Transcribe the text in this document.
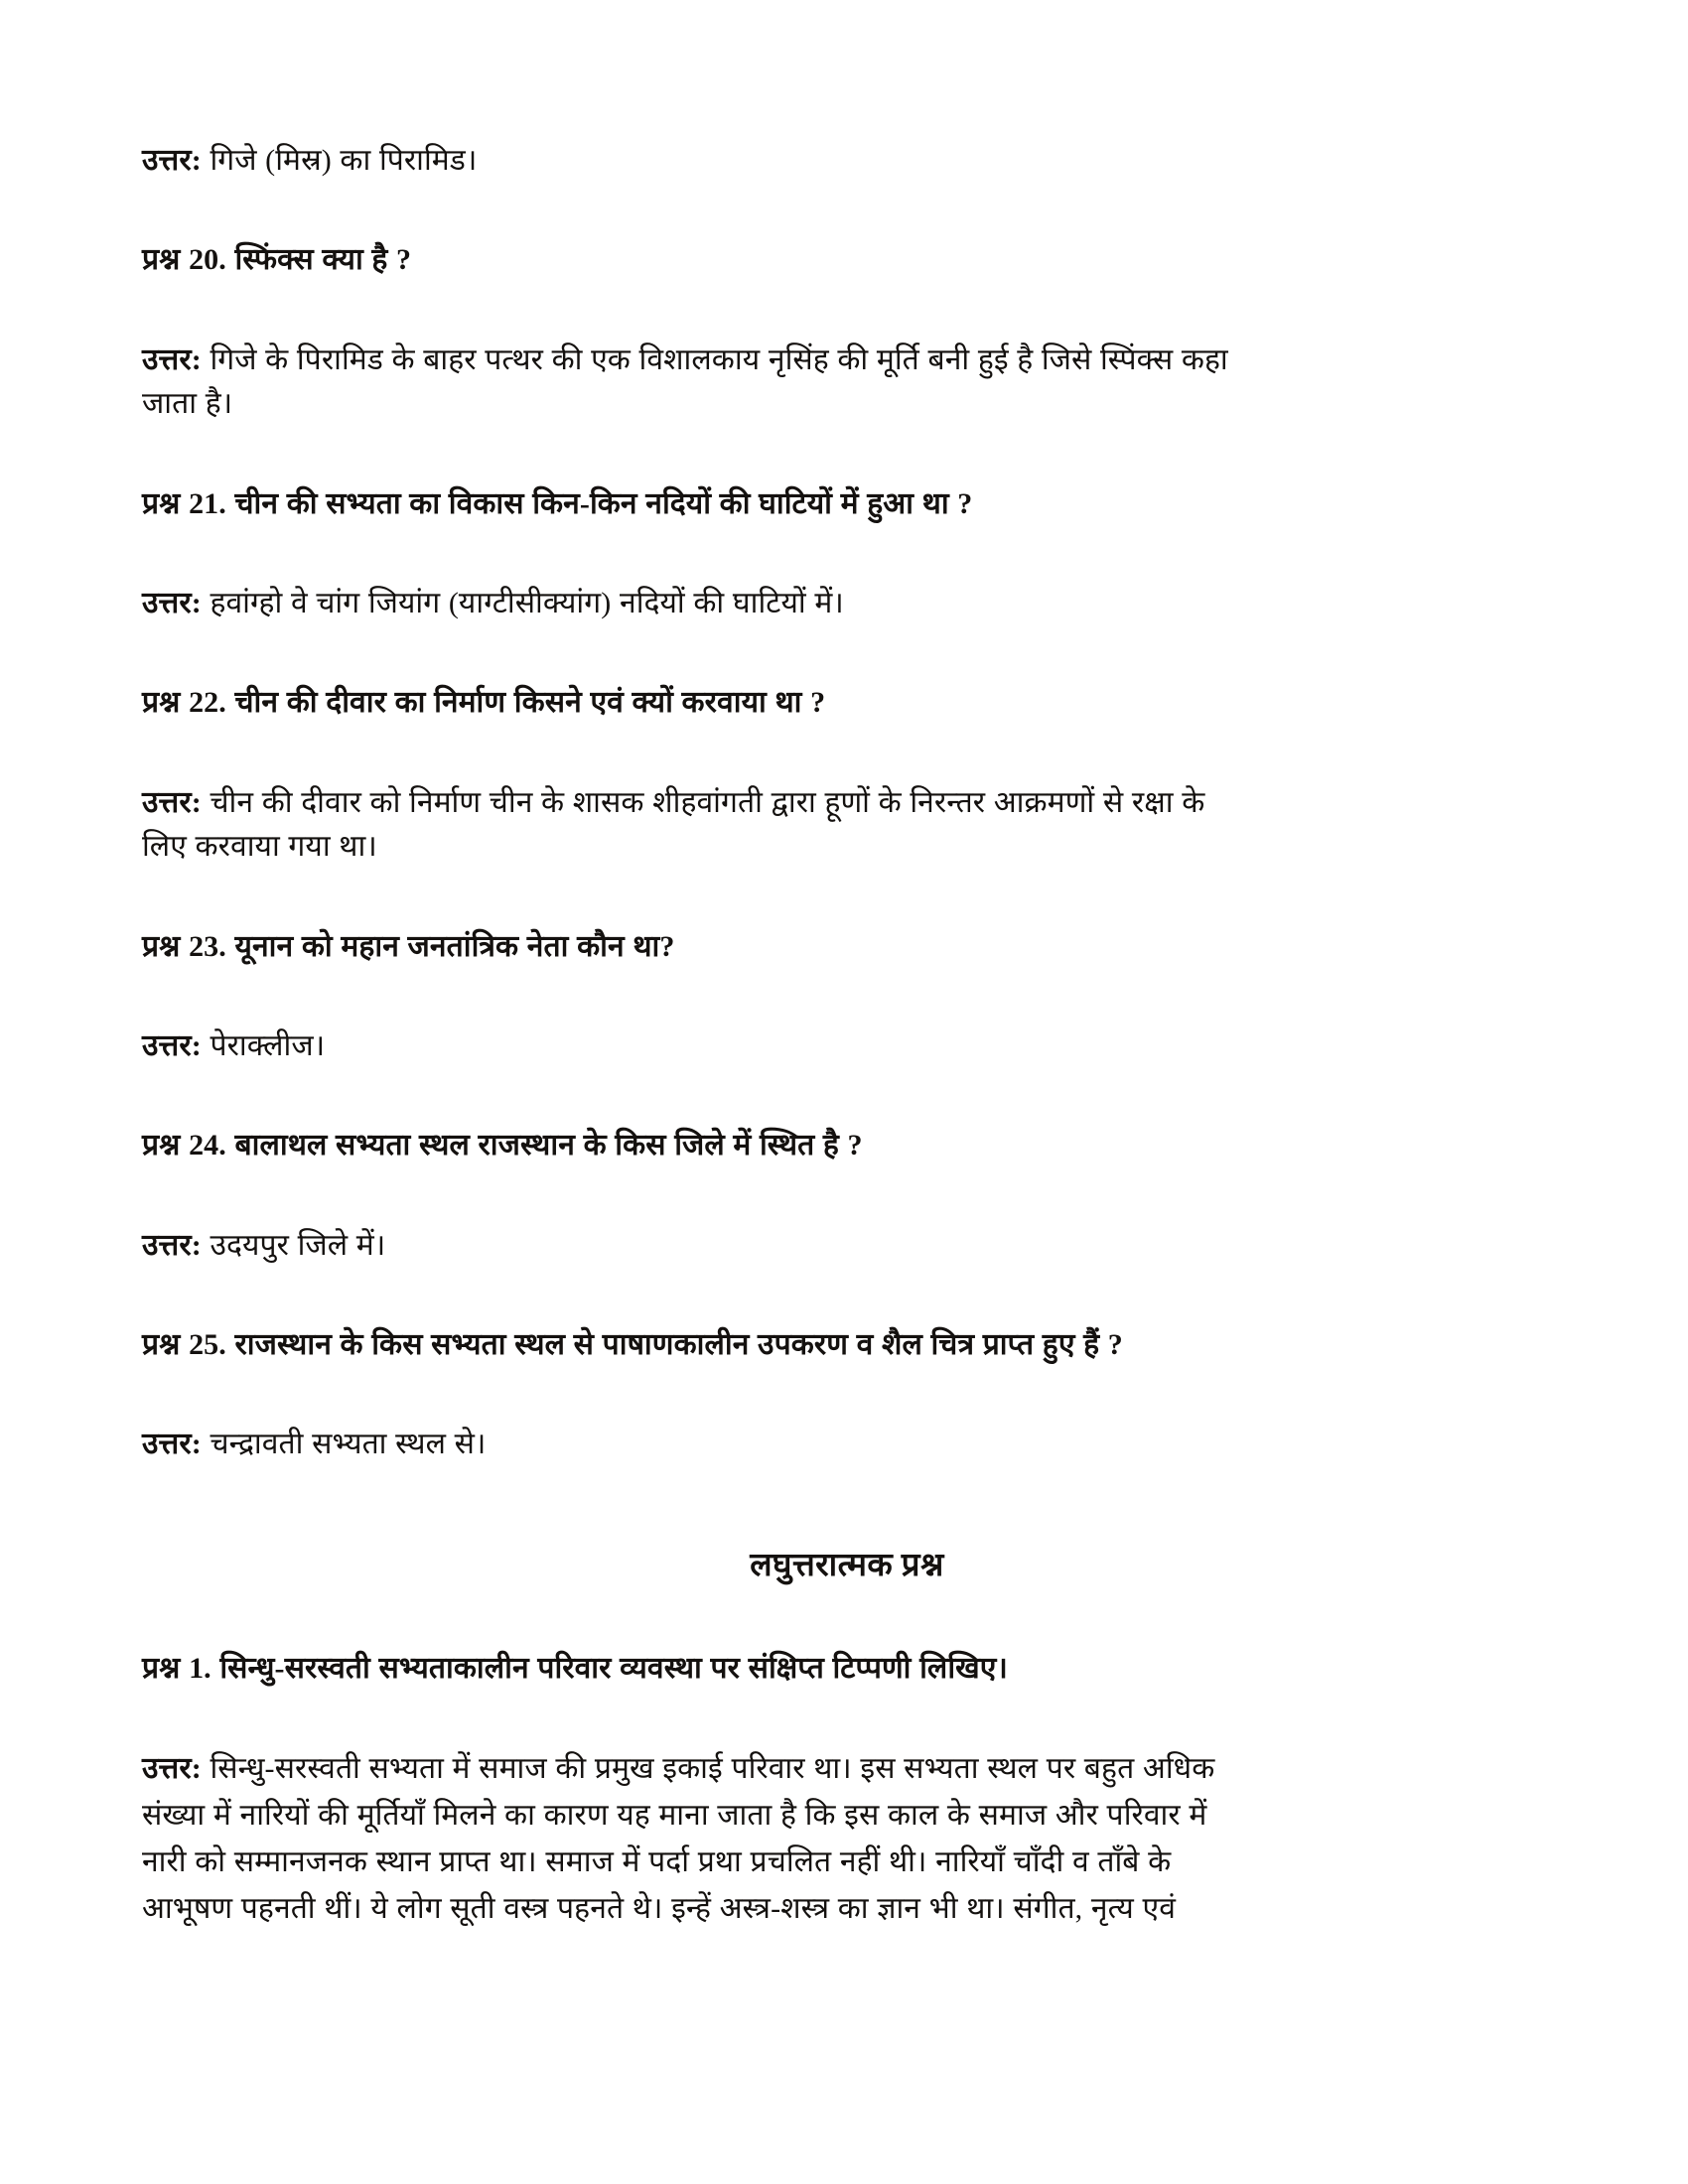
उत्तर: गिजे (मिस्र) का पिरामिड।

प्रश्न 20. स्फिंक्स क्या है ?

उत्तर: गिजे के पिरामिड के बाहर पत्थर की एक विशालकाय नृसिंह की मूर्ति बनी हुई है जिसे स्पिंक्स कहा

जाता है।

प्रश्न 21. चीन की सभ्यता का विकास किन-किन नदियों की घाटियों में हुआ था ?

उत्तर: हवांग्हो वे चांग जियांग (याग्टीसीक्यांग) नदियों की घाटियों में।

प्रश्न 22. चीन की दीवार का निर्माण किसने एवं क्यों करवाया था ?

उत्तर: चीन की दीवार को निर्माण चीन के शासक शीहवांगती द्वारा हूणों के निरन्तर आक्रमणों से रक्षा के

लिए करवाया गया था।

प्रश्न 23. यूनान को महान जनतांत्रिक नेता कौन था?

उत्तर: पेराक्लीज।

प्रश्न 24. बालाथल सभ्यता स्थल राजस्थान के किस जिले में स्थित है ?

उत्तर: उदयपुर जिले में।

प्रश्न 25. राजस्थान के किस सभ्यता स्थल से पाषाणकालीन उपकरण व शैल चित्र प्राप्त हुए हैं ?

उत्तर: चन्द्रावती सभ्यता स्थल से।

लघुत्तरात्मक प्रश्न

प्रश्न 1. सिन्धु-सरस्वती सभ्यताकालीन परिवार व्यवस्था पर संक्षिप्त टिप्पणी लिखिए।

उत्तर: सिन्धु-सरस्वती सभ्यता में समाज की प्रमुख इकाई परिवार था। इस सभ्यता स्थल पर बहुत अधिक

संख्या में नारियों की मूर्तियाँ मिलने का कारण यह माना जाता है कि इस काल के समाज और परिवार में

नारी को सम्मानजनक स्थान प्राप्त था। समाज में पर्दा प्रथा प्रचलित नहीं थी। नारियाँ चाँदी व ताँबे के

आभूषण पहनती थीं। ये लोग सूती वस्त्र पहनते थे। इन्हें अस्त्र-शस्त्र का ज्ञान भी था। संगीत, नृत्य एवं
